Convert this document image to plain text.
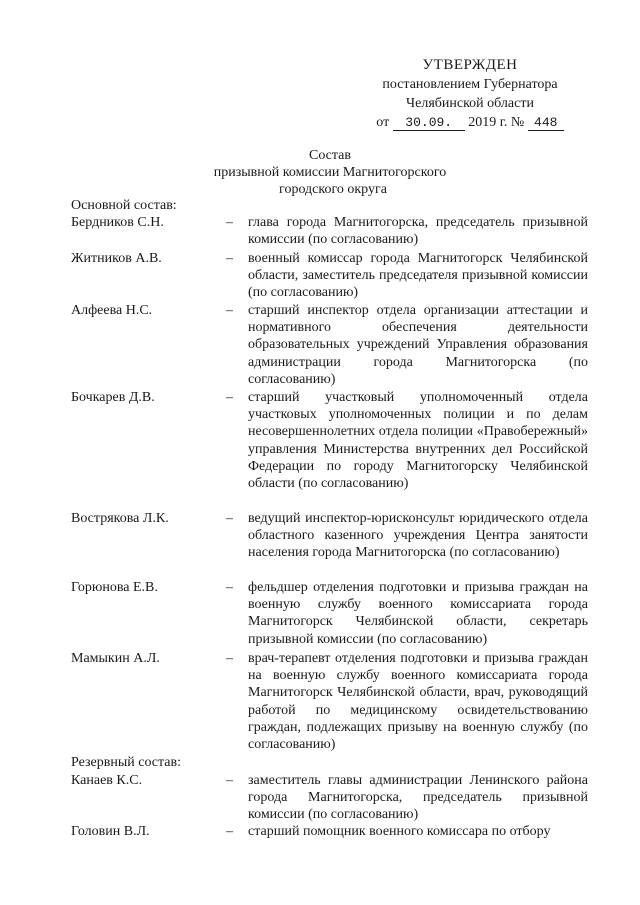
УТВЕРЖДЕН
постановлением Губернатора
Челябинской области
от 30.09. 2019 г. № 448
Состав
призывной комиссии Магнитогорского
городского округа
Основной состав:
Бердников С.Н.	– глава города Магнитогорска, председатель призывной комиссии (по согласованию)
Житников А.В.	– военный комиссар города Магнитогорск Челябинской области, заместитель председателя призывной комиссии (по согласованию)
Алфеева Н.С.	– старший инспектор отдела организации аттестации и нормативного обеспечения деятельности образовательных учреждений Управления образования администрации города Магнитогорска (по согласованию)
Бочкарев Д.В.	– старший участковый уполномоченный отдела участковых уполномоченных полиции и по делам несовершеннолетних отдела полиции «Правобережный» управления Министерства внутренних дел Российской Федерации по городу Магнитогорску Челябинской области (по согласованию)
Вострякова Л.К.	– ведущий инспектор-юрисконсульт юридического отдела областного казенного учреждения Центра занятости населения города Магнитогорска (по согласованию)
Горюнова Е.В.	– фельдшер отделения подготовки и призыва граждан на военную службу военного комиссариата города Магнитогорск Челябинской области, секретарь призывной комиссии (по согласованию)
Мамыкин А.Л.	– врач-терапевт отделения подготовки и призыва граждан на военную службу военного комиссариата города Магнитогорск Челябинской области, врач, руководящий работой по медицинскому освидетельствованию граждан, подлежащих призыву на военную службу (по согласованию)
Резервный состав:
Канаев К.С.	– заместитель главы администрации Ленинского района города Магнитогорска, председатель призывной комиссии (по согласованию)
Головин В.Л.	– старший помощник военного комиссара по отбору
